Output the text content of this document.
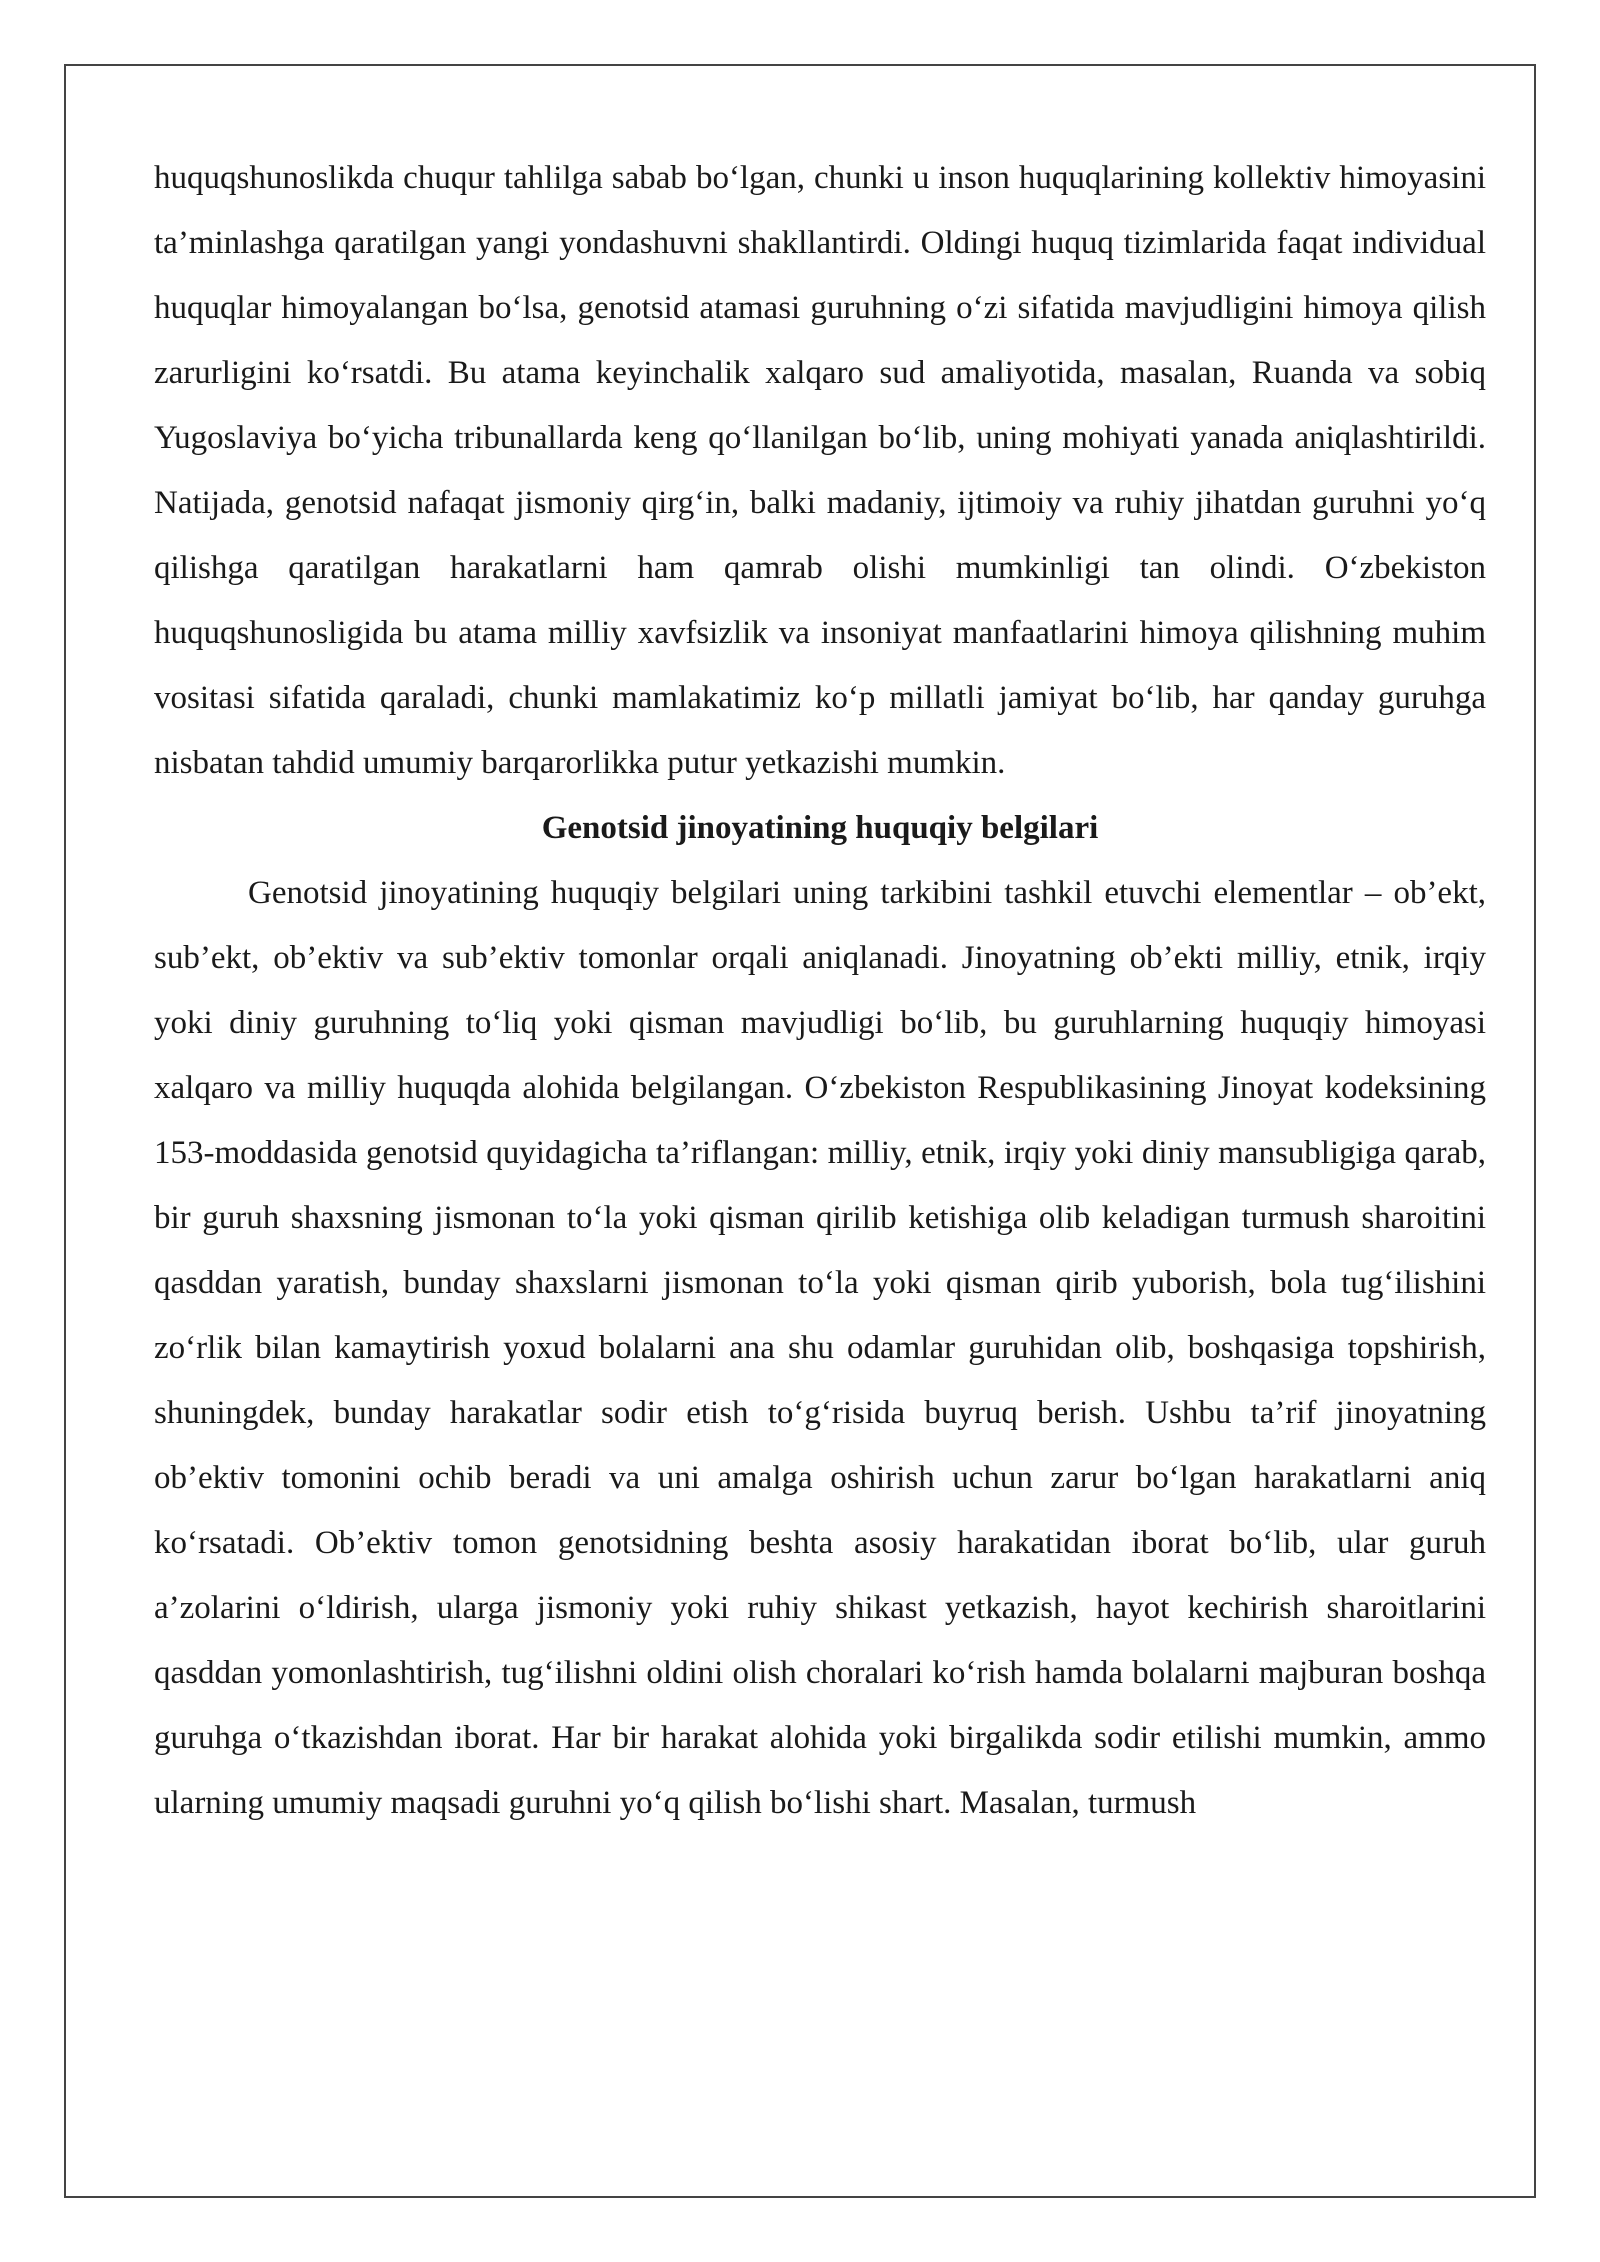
huquqshunoslikda chuqur tahlilga sabab bo‘lgan, chunki u inson huquqlarining kollektiv himoyasini ta’minlashga qaratilgan yangi yondashuvni shakllantirdi. Oldingi huquq tizimlarida faqat individual huquqlar himoyalangan bo‘lsa, genotsid atamasi guruhning o‘zi sifatida mavjudligini himoya qilish zarurligini ko‘rsatdi. Bu atama keyinchalik xalqaro sud amaliyotida, masalan, Ruanda va sobiq Yugoslaviya bo‘yicha tribunallarda keng qo‘llanilgan bo‘lib, uning mohiyati yanada aniqlashtirildi. Natijada, genotsid nafaqat jismoniy qirg‘in, balki madaniy, ijtimoiy va ruhiy jihatdan guruhni yo‘q qilishga qaratilgan harakatlarni ham qamrab olishi mumkinligi tan olindi. O‘zbekiston huquqshunosligida bu atama milliy xavfsizlik va insoniyat manfaatlarini himoya qilishning muhim vositasi sifatida qaraladi, chunki mamlakatimiz ko‘p millatli jamiyat bo‘lib, har qanday guruhga nisbatan tahdid umumiy barqarorlikka putur yetkazishi mumkin.

Genotsid jinoyatining huquqiy belgilari

Genotsid jinoyatining huquqiy belgilari uning tarkibini tashkil etuvchi elementlar – ob’ekt, sub’ekt, ob’ektiv va sub’ektiv tomonlar orqali aniqlanadi. Jinoyatning ob’ekti milliy, etnik, irqiy yoki diniy guruhning to‘liq yoki qisman mavjudligi bo‘lib, bu guruhlarning huquqiy himoyasi xalqaro va milliy huquqda alohida belgilangan. O‘zbekiston Respublikasining Jinoyat kodeksining 153-moddasida genotsid quyidagicha ta’riflangan: milliy, etnik, irqiy yoki diniy mansubligiga qarab, bir guruh shaxsning jismonan to‘la yoki qisman qirilib ketishiga olib keladigan turmush sharoitini qasddan yaratish, bunday shaxslarni jismonan to‘la yoki qisman qirib yuborish, bola tug‘ilishini zo‘rlik bilan kamaytirish yoxud bolalarni ana shu odamlar guruhidan olib, boshqasiga topshirish, shuningdek, bunday harakatlar sodir etish to‘g‘risida buyruq berish. Ushbu ta’rif jinoyatning ob’ektiv tomonini ochib beradi va uni amalga oshirish uchun zarur bo‘lgan harakatlarni aniq ko‘rsatadi. Ob’ektiv tomon genotsidning beshta asosiy harakatidan iborat bo‘lib, ular guruh a’zolarini o‘ldirish, ularga jismoniy yoki ruhiy shikast yetkazish, hayot kechirish sharoitlarini qasddan yomonlashtirish, tug‘ilishni oldini olish choralari ko‘rish hamda bolalarni majburan boshqa guruhga o‘tkazishdan iborat. Har bir harakat alohida yoki birgalikda sodir etilishi mumkin, ammo ularning umumiy maqsadi guruhni yo‘q qilish bo‘lishi shart. Masalan, turmush
